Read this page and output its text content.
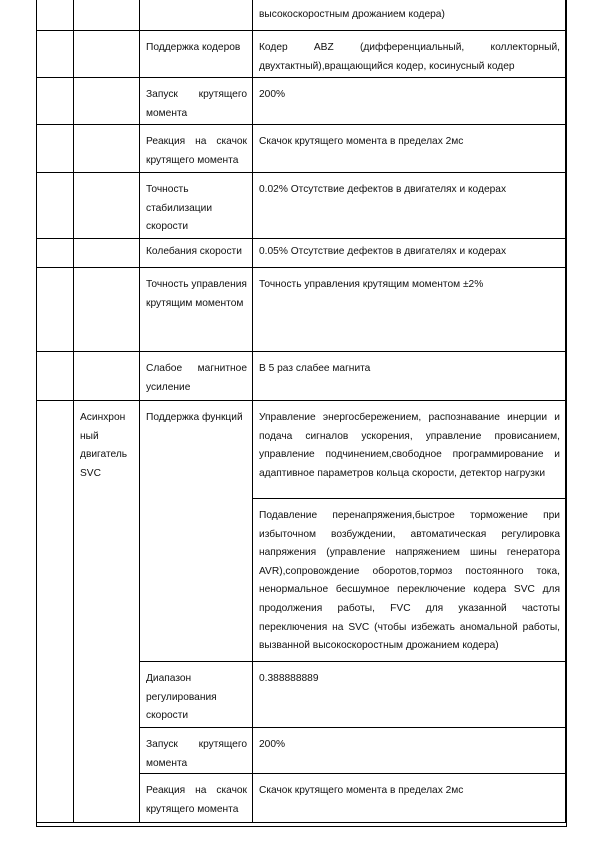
			высокоскоростным дрожанием кодера)
		Поддержка кодеров	Кодер ABZ (дифференциальный, коллекторный, двухтактный),вращающийся кодер, косинусный кодер
		Запуск крутящего момента	200%
		Реакция на скачок крутящего момента	Скачок крутящего момента в пределах 2мс
		Точность стабилизации скорости	0.02% Отсутствие дефектов в двигателях и кодерах
		Колебания скорости	0.05% Отсутствие дефектов в двигателях и кодерах
		Точность управления крутящим моментом	Точность управления крутящим моментом ±2%
		Слабое магнитное усиление	В 5 раз слабее магнита
	Асинхрон ный двигатель SVC	Поддержка функций	Управление энергосбережением, распознавание инерции и подача сигналов ускорения, управление провисанием, управление подчинением,свободное программирование и адаптивное параметров кольца скорости, детектор нагрузки
			Подавление перенапряжения,быстрое торможение при избыточном возбуждении, автоматическая регулировка напряжения (управление напряжением шины генератора AVR),сопровождение оборотов,тормоз постоянного тока, ненормальное бесшумное переключение кодера SVC для продолжения работы, FVC для указанной частоты переключения на SVC (чтобы избежать аномальной работы, вызванной высокоскоростным дрожанием кодера)
		Диапазон регулирования скорости	0.388888889
		Запуск крутящего момента	200%
		Реакция на скачок крутящего момента	Скачок крутящего момента в пределах 2мс
